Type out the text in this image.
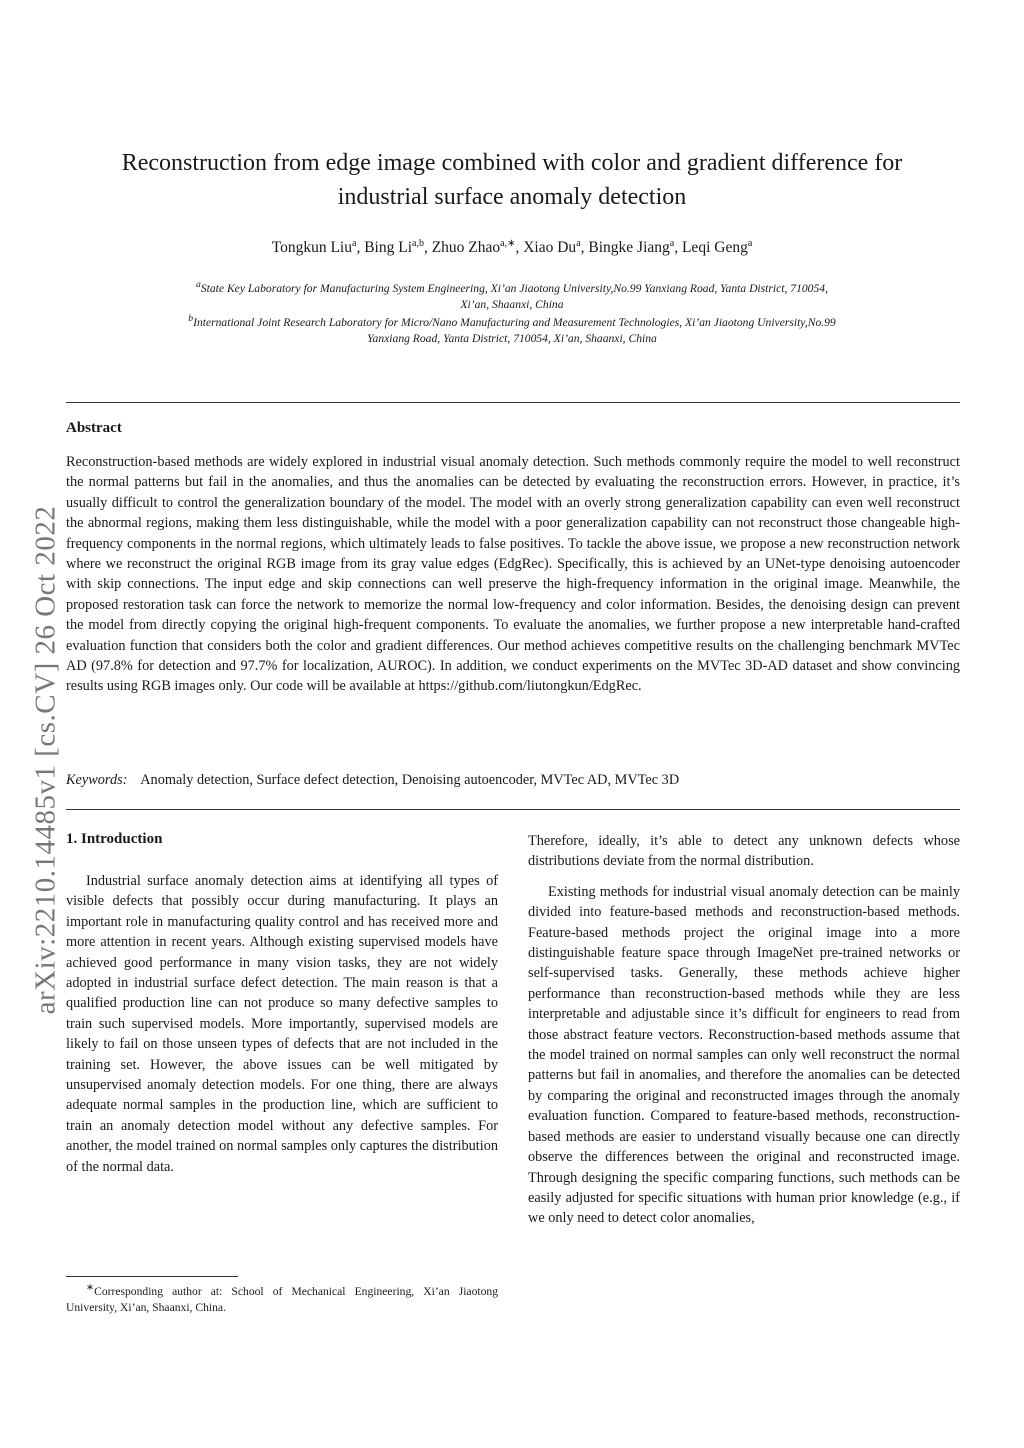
arXiv:2210.14485v1 [cs.CV] 26 Oct 2022
Reconstruction from edge image combined with color and gradient difference for
industrial surface anomaly detection
Tongkun Liu$^a$, Bing Li$^{a,b}$, Zhuo Zhao$^{a,∗}$, Xiao Du$^a$, Bingke Jiang$^a$, Leqi Geng$^a$
$^a$State Key Laboratory for Manufacturing System Engineering, Xi’an Jiaotong University,No.99 Yanxiang Road, Yanta District, 710054,
Xi’an, Shaanxi, China
$^b$International Joint Research Laboratory for Micro/Nano Manufacturing and Measurement Technologies, Xi’an Jiaotong University,No.99
Yanxiang Road, Yanta District, 710054, Xi’an, Shaanxi, China
Abstract
Reconstruction-based methods are widely explored in industrial visual anomaly detection. Such methods commonly require the model to well reconstruct the normal patterns but fail in the anomalies, and thus the anomalies can be detected by evaluating the reconstruction errors. However, in practice, it’s usually difficult to control the generalization boundary of the model. The model with an overly strong generalization capability can even well reconstruct the abnormal regions, making them less distinguishable, while the model with a poor generalization capability can not reconstruct those changeable high-frequency components in the normal regions, which ultimately leads to false positives. To tackle the above issue, we propose a new reconstruction network where we reconstruct the original RGB image from its gray value edges (EdgRec). Specifically, this is achieved by an UNet-type denoising autoencoder with skip connections. The input edge and skip connections can well preserve the high-frequency information in the original image. Meanwhile, the proposed restoration task can force the network to memorize the normal low-frequency and color information. Besides, the denoising design can prevent the model from directly copying the original high-frequent components. To evaluate the anomalies, we further propose a new interpretable hand-crafted evaluation function that considers both the color and gradient differences. Our method achieves competitive results on the challenging benchmark MVTec AD (97.8% for detection and 97.7% for localization, AUROC). In addition, we conduct experiments on the MVTec 3D-AD dataset and show convincing results using RGB images only. Our code will be available at https://github.com/liutongkun/EdgRec.
Keywords: Anomaly detection, Surface defect detection, Denoising autoencoder, MVTec AD, MVTec 3D
1. Introduction

Industrial surface anomaly detection aims at identifying all types of visible defects that possibly occur during manufacturing. It plays an important role in manufacturing quality control and has received more and more attention in recent years. Although existing supervised models have achieved good performance in many vision tasks, they are not widely adopted in industrial surface defect detection. The main reason is that a qualified production line can not produce so many defective samples to train such supervised models. More importantly, supervised models are likely to fail on those unseen types of defects that are not included in the training set. However, the above issues can be well mitigated by unsupervised anomaly detection models. For one thing, there are always adequate normal samples in the production line, which are sufficient to train an anomaly detection model without any defective samples. For another, the model trained on normal samples only captures the distribution of the normal data.

Therefore, ideally, it’s able to detect any unknown defects whose distributions deviate from the normal distribution.

Existing methods for industrial visual anomaly detection can be mainly divided into feature-based methods and reconstruction-based methods. Feature-based methods project the original image into a more distinguishable feature space through ImageNet pre-trained networks or self-supervised tasks. Generally, these methods achieve higher performance than reconstruction-based methods while they are less interpretable and adjustable since it’s difficult for engineers to read from those abstract feature vectors. Reconstruction-based methods assume that the model trained on normal samples can only well reconstruct the normal patterns but fail in anomalies, and therefore the anomalies can be detected by comparing the original and reconstructed images through the anomaly evaluation function. Compared to feature-based methods, reconstruction-based methods are easier to understand visually because one can directly observe the differences between the original and reconstructed image. Through designing the specific comparing functions, such methods can be easily adjusted for specific situations with human prior knowledge (e.g., if we only need to detect color anomalies,

∗Corresponding author at: School of Mechanical Engineering, Xi’an Jiaotong University, Xi’an, Shaanxi, China.
